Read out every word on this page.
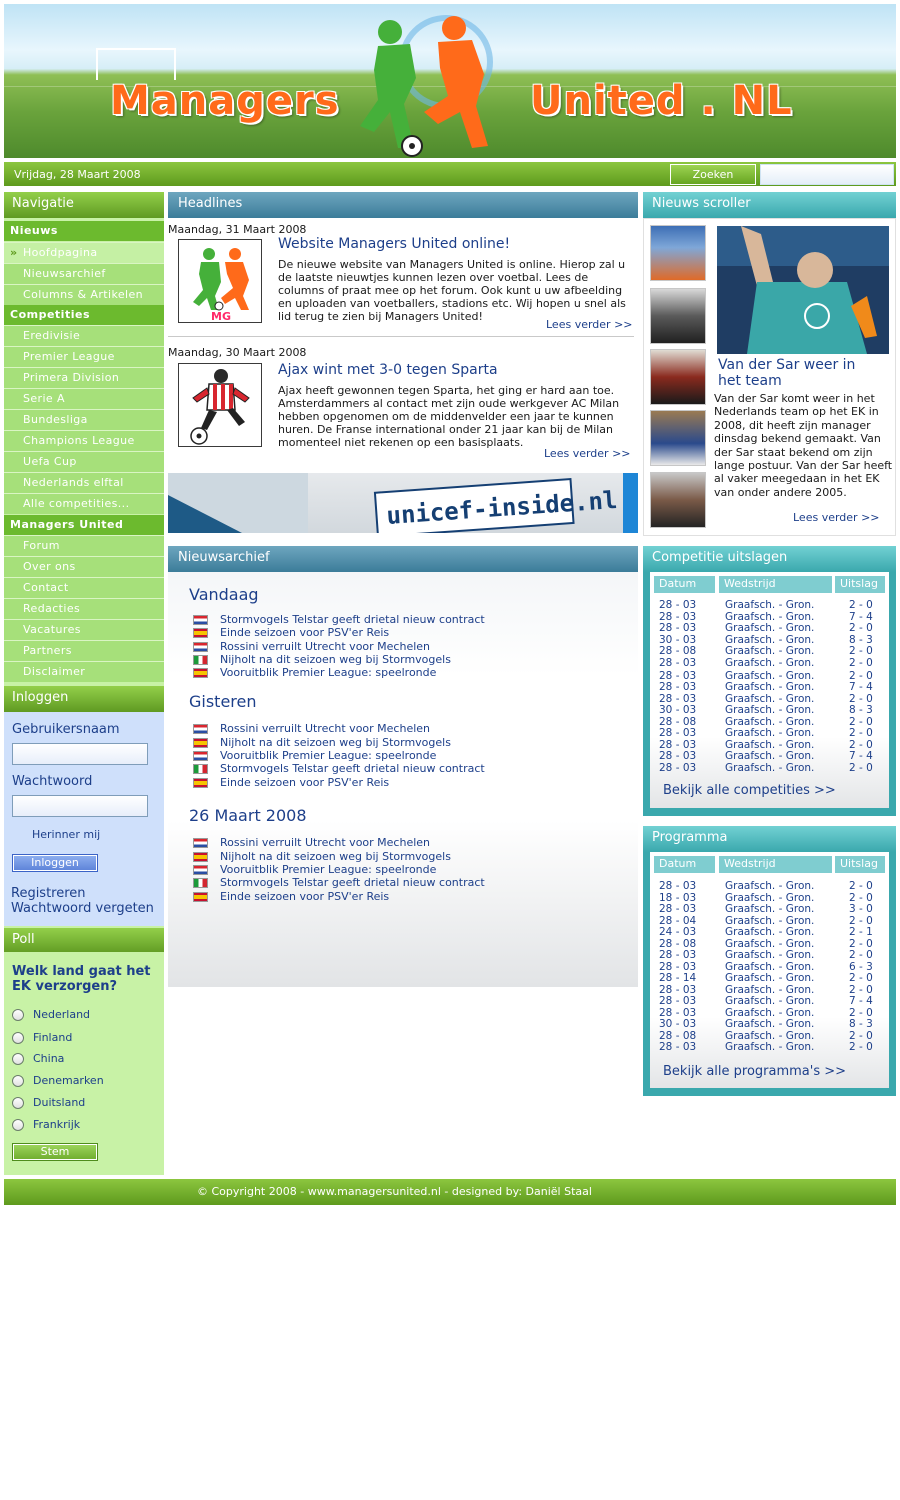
Managers	United . NL
Vrijdag, 28 Maart 2008	Zoeken
Navigatie
Nieuws
» Hoofdpagina
Nieuwsarchief
Columns & Artikelen
Competities
Eredivisie
Premier League
Primera Division
Serie A
Bundesliga
Champions League
Uefa Cup
Nederlands elftal
Alle competities...
Managers United
Forum
Over ons
Contact
Redacties
Vacatures
Partners
Disclaimer
Inloggen
Gebruikersnaam
Wachtwoord
Herinner mij
Inloggen
Registreren
Wachtwoord vergeten
Poll
Welk land gaat het EK verzorgen?
Nederland
Finland
China
Denemarken
Duitsland
Frankrijk
Stem
Headlines
Maandag, 31 Maart 2008
MG
Website Managers United online!
De nieuwe website van Managers United is online. Hierop zal u de laatste nieuwtjes kunnen lezen over voetbal. Lees de columns of praat mee op het forum. Ook kunt u uw afbeelding en uploaden van voetballers, stadions etc. Wij hopen u snel als lid terug te zien bij Managers United!
Lees verder >>
Maandag, 30 Maart 2008
Ajax wint met 3-0 tegen Sparta
Ajax heeft gewonnen tegen Sparta, het ging er hard aan toe. Amsterdammers al contact met zijn oude werkgever AC Milan hebben opgenomen om de middenvelder een jaar te kunnen huren. De Franse international onder 21 jaar kan bij de Milan momenteel niet rekenen op een basisplaats.
Lees verder >>
unicef-inside.nl
Nieuwsarchief
Vandaag
Stormvogels Telstar geeft drietal nieuw contract
Einde seizoen voor PSV'er Reis
Rossini verruilt Utrecht voor Mechelen
Nijholt na dit seizoen weg bij Stormvogels
Vooruitblik Premier League: speelronde
Gisteren
Rossini verruilt Utrecht voor Mechelen
Nijholt na dit seizoen weg bij Stormvogels
Vooruitblik Premier League: speelronde
Stormvogels Telstar geeft drietal nieuw contract
Einde seizoen voor PSV'er Reis
26 Maart 2008
Rossini verruilt Utrecht voor Mechelen
Nijholt na dit seizoen weg bij Stormvogels
Vooruitblik Premier League: speelronde
Stormvogels Telstar geeft drietal nieuw contract
Einde seizoen voor PSV'er Reis
Nieuws scroller
Van der Sar weer in het team
Van der Sar komt weer in het Nederlands team op het EK in 2008, dit heeft zijn manager dinsdag bekend gemaakt. Van der Sar staat bekend om zijn lange postuur. Van der Sar heeft al vaker meegedaan in het EK van onder andere 2005.
Lees verder >>
Competitie uitslagen
Datum	Wedstrijd	Uitslag
28 - 03	Graafsch. - Gron.	2 - 0
28 - 03	Graafsch. - Gron.	7 - 4
28 - 03	Graafsch. - Gron.	2 - 0
30 - 03	Graafsch. - Gron.	8 - 3
28 - 08	Graafsch. - Gron.	2 - 0
28 - 03	Graafsch. - Gron.	2 - 0
28 - 03	Graafsch. - Gron.	2 - 0
28 - 03	Graafsch. - Gron.	7 - 4
28 - 03	Graafsch. - Gron.	2 - 0
30 - 03	Graafsch. - Gron.	8 - 3
28 - 08	Graafsch. - Gron.	2 - 0
28 - 03	Graafsch. - Gron.	2 - 0
28 - 03	Graafsch. - Gron.	2 - 0
28 - 03	Graafsch. - Gron.	7 - 4
28 - 03	Graafsch. - Gron.	2 - 0
Bekijk alle competities >>
Programma
Datum	Wedstrijd	Uitslag
28 - 03	Graafsch. - Gron.	2 - 0
18 - 03	Graafsch. - Gron.	2 - 0
28 - 03	Graafsch. - Gron.	3 - 0
28 - 04	Graafsch. - Gron.	2 - 0
24 - 03	Graafsch. - Gron.	2 - 1
28 - 08	Graafsch. - Gron.	2 - 0
28 - 03	Graafsch. - Gron.	2 - 0
28 - 03	Graafsch. - Gron.	6 - 3
28 - 14	Graafsch. - Gron.	2 - 0
28 - 03	Graafsch. - Gron.	2 - 0
28 - 03	Graafsch. - Gron.	7 - 4
28 - 03	Graafsch. - Gron.	2 - 0
30 - 03	Graafsch. - Gron.	8 - 3
28 - 08	Graafsch. - Gron.	2 - 0
28 - 03	Graafsch. - Gron.	2 - 0
Bekijk alle programma's >>
© Copyright 2008 - www.managersunited.nl - designed by: Daniël Staal
